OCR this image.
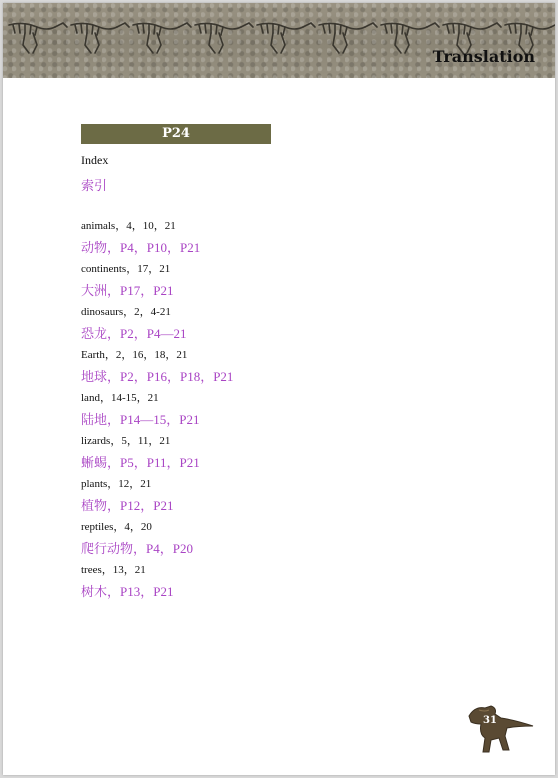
Translation
P24
Index
索引
animals，4，10，21
动物，P4，P10，P21
continents，17，21
大洲，P17，P21
dinosaurs，2，4-21
恐龙，P2，P4—21
Earth，2，16，18，21
地球，P2，P16，P18，P21
land，14-15，21
陆地，P14—15，P21
lizards，5，11，21
蜥蜴，P5，P11，P21
plants，12，21
植物，P12，P21
reptiles，4，20
爬行动物，P4，P20
trees，13，21
树木，P13，P21
31
